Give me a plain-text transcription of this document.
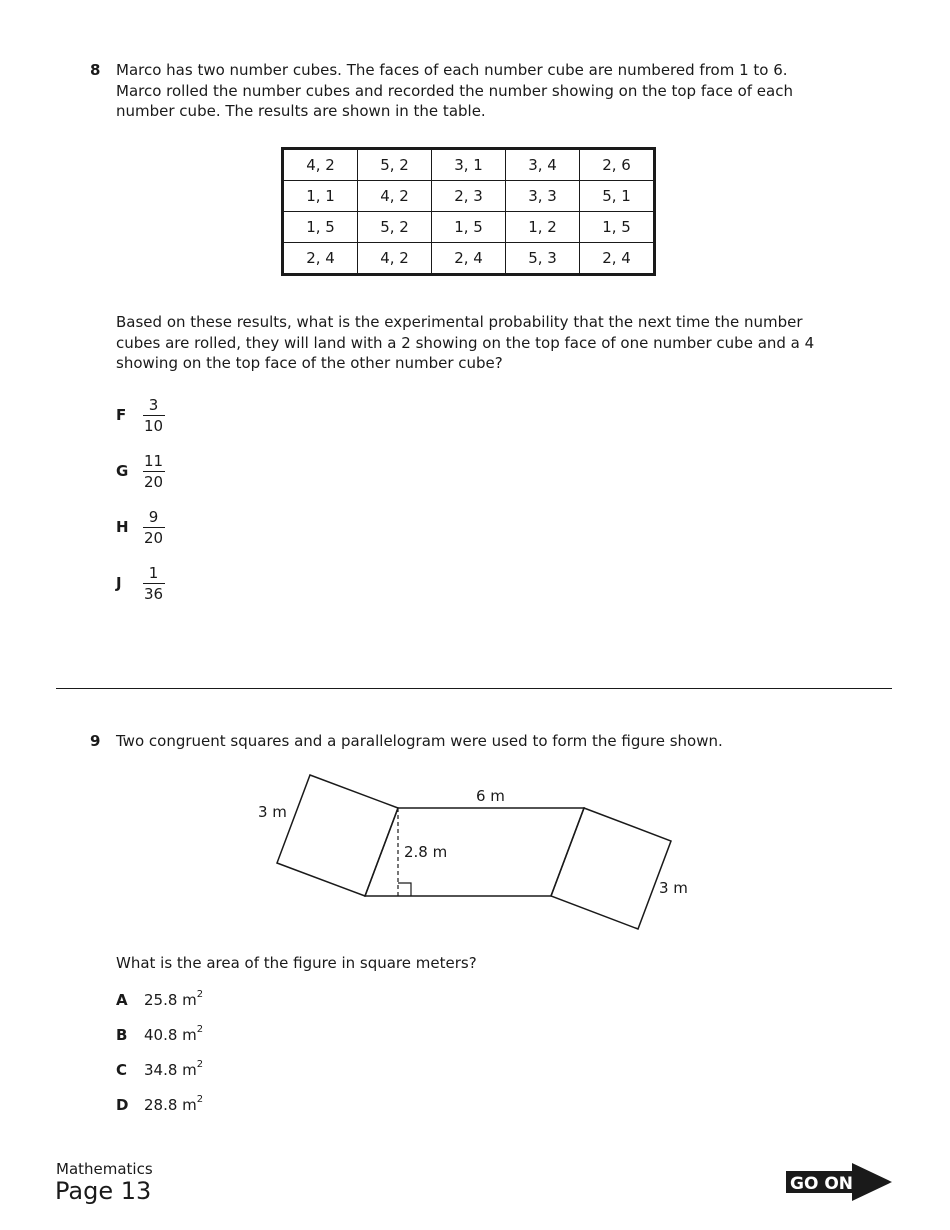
8 Marco has two number cubes. The faces of each number cube are numbered from 1 to 6.
Marco rolled the number cubes and recorded the number showing on the top face of each
number cube. The results are shown in the table.
4, 2	5, 2	3, 1	3, 4	2, 6
1, 1	4, 2	2, 3	3, 3	5, 1
1, 5	5, 2	1, 5	1, 2	1, 5
2, 4	4, 2	2, 4	5, 3	2, 4
Based on these results, what is the experimental probability that the next time the number
cubes are rolled, they will land with a 2 showing on the top face of one number cube and a 4
showing on the top face of the other number cube?
F
3
10
G
11
20
H
9
20
J
1
36
9 Two congruent squares and a parallelogram were used to form the figure shown.
3 m
6 m
2.8 m
3 m
What is the area of the figure in square meters?
A 25.8 $m^2$
B 40.8 $m^2$
C 34.8 $m^2$
D 28.8 $m^2$
Mathematics
Page 13	GO ON
